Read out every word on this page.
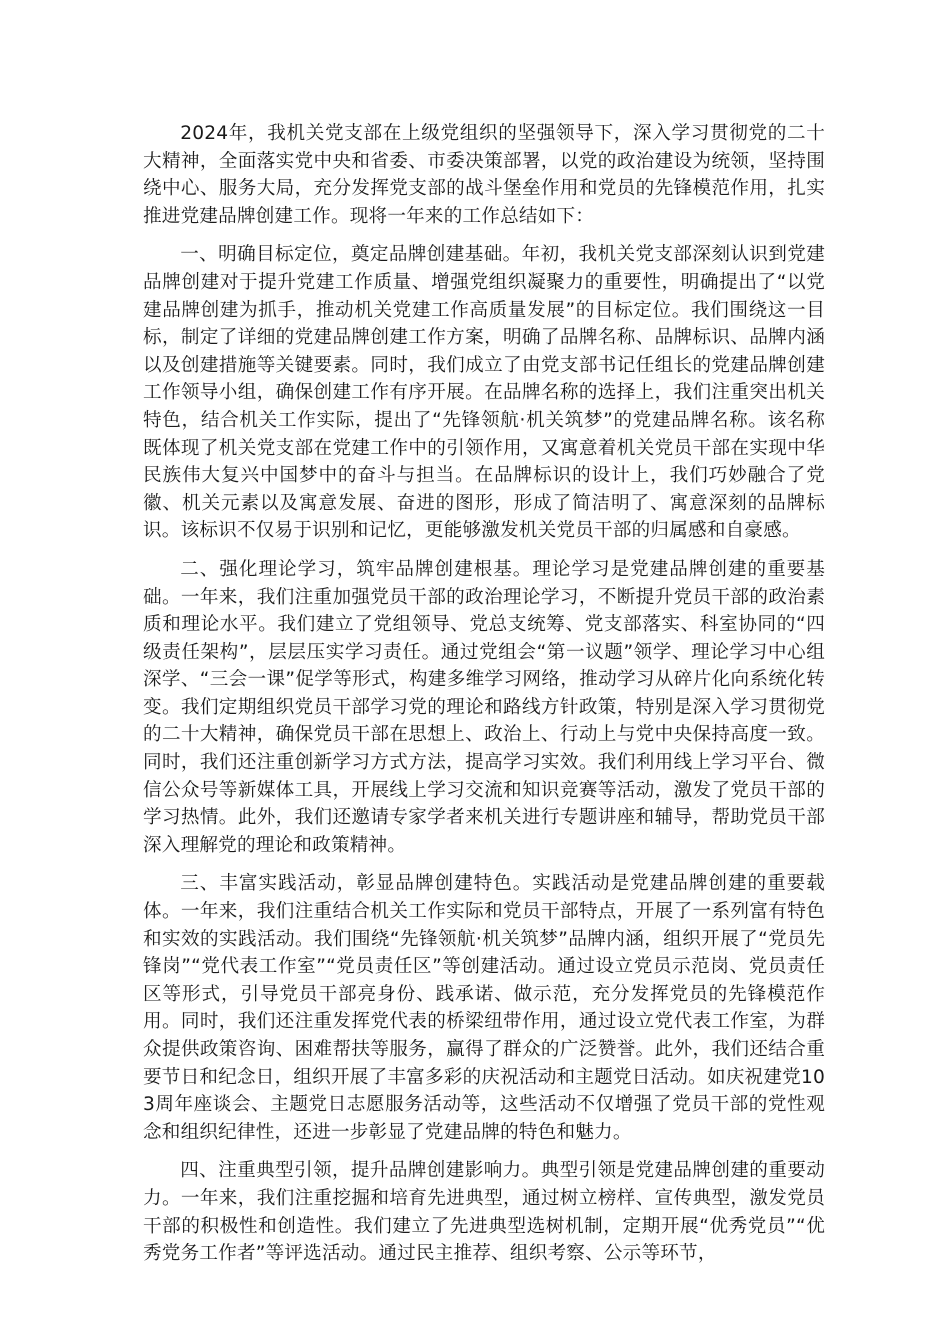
2024年，我机关党支部在上级党组织的坚强领导下，深入学习贯彻党的二十大精神，全面落实党中央和省委、市委决策部署，以党的政治建设为统领，坚持围绕中心、服务大局，充分发挥党支部的战斗堡垒作用和党员的先锋模范作用，扎实推进党建品牌创建工作。现将一年来的工作总结如下：

一、明确目标定位，奠定品牌创建基础。年初，我机关党支部深刻认识到党建品牌创建对于提升党建工作质量、增强党组织凝聚力的重要性，明确提出了“以党建品牌创建为抓手，推动机关党建工作高质量发展”的目标定位。我们围绕这一目标，制定了详细的党建品牌创建工作方案，明确了品牌名称、品牌标识、品牌内涵以及创建措施等关键要素。同时，我们成立了由党支部书记任组长的党建品牌创建工作领导小组，确保创建工作有序开展。在品牌名称的选择上，我们注重突出机关特色，结合机关工作实际，提出了“先锋领航·机关筑梦”的党建品牌名称。该名称既体现了机关党支部在党建工作中的引领作用，又寓意着机关党员干部在实现中华民族伟大复兴中国梦中的奋斗与担当。在品牌标识的设计上，我们巧妙融合了党徽、机关元素以及寓意发展、奋进的图形，形成了简洁明了、寓意深刻的品牌标识。该标识不仅易于识别和记忆，更能够激发机关党员干部的归属感和自豪感。

二、强化理论学习，筑牢品牌创建根基。理论学习是党建品牌创建的重要基础。一年来，我们注重加强党员干部的政治理论学习，不断提升党员干部的政治素质和理论水平。我们建立了党组领导、党总支统筹、党支部落实、科室协同的“四级责任架构”，层层压实学习责任。通过党组会“第一议题”领学、理论学习中心组深学、“三会一课”促学等形式，构建多维学习网络，推动学习从碎片化向系统化转变。我们定期组织党员干部学习党的理论和路线方针政策，特别是深入学习贯彻党的二十大精神，确保党员干部在思想上、政治上、行动上与党中央保持高度一致。同时，我们还注重创新学习方式方法，提高学习实效。我们利用线上学习平台、微信公众号等新媒体工具，开展线上学习交流和知识竞赛等活动，激发了党员干部的学习热情。此外，我们还邀请专家学者来机关进行专题讲座和辅导，帮助党员干部深入理解党的理论和政策精神。

三、丰富实践活动，彰显品牌创建特色。实践活动是党建品牌创建的重要载体。一年来，我们注重结合机关工作实际和党员干部特点，开展了一系列富有特色和实效的实践活动。我们围绕“先锋领航·机关筑梦”品牌内涵，组织开展了“党员先锋岗”“党代表工作室”“党员责任区”等创建活动。通过设立党员示范岗、党员责任区等形式，引导党员干部亮身份、践承诺、做示范，充分发挥党员的先锋模范作用。同时，我们还注重发挥党代表的桥梁纽带作用，通过设立党代表工作室，为群众提供政策咨询、困难帮扶等服务，赢得了群众的广泛赞誉。此外，我们还结合重要节日和纪念日，组织开展了丰富多彩的庆祝活动和主题党日活动。如庆祝建党103周年座谈会、主题党日志愿服务活动等，这些活动不仅增强了党员干部的党性观念和组织纪律性，还进一步彰显了党建品牌的特色和魅力。

四、注重典型引领，提升品牌创建影响力。典型引领是党建品牌创建的重要动力。一年来，我们注重挖掘和培育先进典型，通过树立榜样、宣传典型，激发党员干部的积极性和创造性。我们建立了先进典型选树机制，定期开展“优秀党员”“优秀党务工作者”等评选活动。通过民主推荐、组织考察、公示等环节，
